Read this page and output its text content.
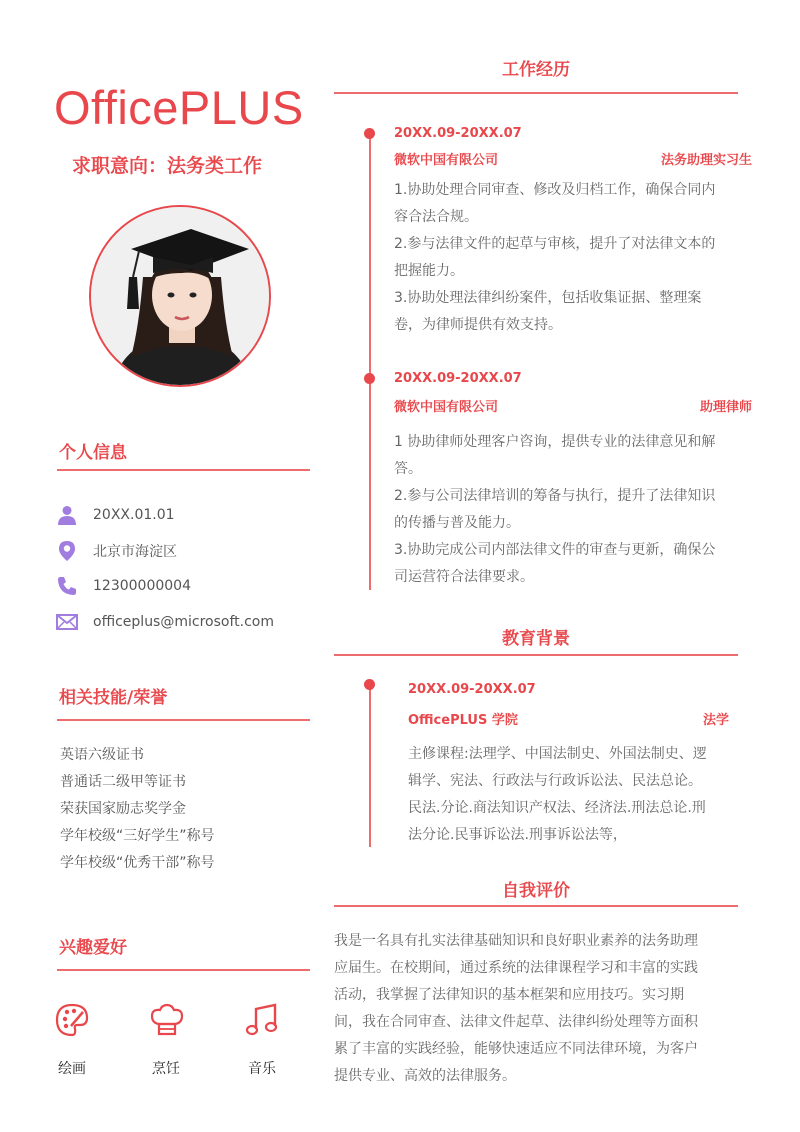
OfficePLUS
求职意向：法务类工作
个人信息
20XX.01.01
北京市海淀区
12300000004
officeplus@microsoft.com
相关技能/荣誉
英语六级证书
普通话二级甲等证书
荣获国家励志奖学金
学年校级“三好学生”称号
学年校级“优秀干部”称号
兴趣爱好
绘画	烹饪	音乐
工作经历
20XX.09-20XX.07
微软中国有限公司	法务助理实习生

1.协助处理合同审查、修改及归档工作，确保合同内

容合法合规。

2.参与法律文件的起草与审核，提升了对法律文本的

把握能力。

3.协助处理法律纠纷案件，包括收集证据、整理案

卷，为律师提供有效支持。

20XX.09-20XX.07
微软中国有限公司	助理律师

1 协助律师处理客户咨询，提供专业的法律意见和解

答。

2.参与公司法律培训的筹备与执行，提升了法律知识

的传播与普及能力。

3.协助完成公司内部法律文件的审查与更新，确保公

司运营符合法律要求。

教育背景
20XX.09-20XX.07
OfficePLUS 学院	法学

主修课程:法理学、中国法制史、外国法制史、逻

辑学、宪法、行政法与行政诉讼法、民法总论。

民法.分论.商法知识产权法、经济法.刑法总论.刑

法分论.民事诉讼法.刑事诉讼法等，

自我评价

我是一名具有扎实法律基础知识和良好职业素养的法务助理

应届生。在校期间，通过系统的法律课程学习和丰富的实践

活动，我掌握了法律知识的基本框架和应用技巧。实习期

间，我在合同审查、法律文件起草、法律纠纷处理等方面积

累了丰富的实践经验，能够快速适应不同法律环境，为客户

提供专业、高效的法律服务。
